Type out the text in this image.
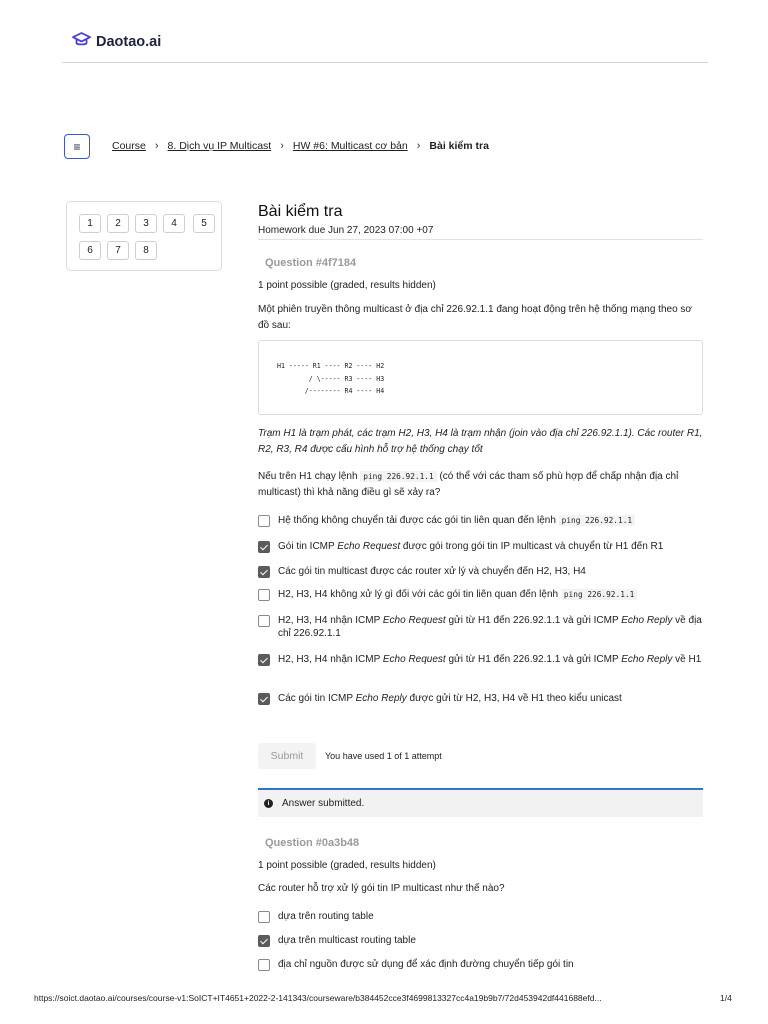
Daotao.ai
≡	Course › 8. Dịch vụ IP Multicast › HW #6: Multicast cơ bản › Bài kiểm tra
1	2	3	4	5
6	7	8
Bài kiểm tra
Homework due Jun 27, 2023 07:00 +07
Question #4f7184
1 point possible (graded, results hidden)
Một phiên truyền thông multicast ở địa chỉ 226.92.1.1 đang hoạt động trên hệ thống mạng theo sơ đồ sau:
H1 ----- R1 ---- R2 ---- H2
/ \----- R3 ---- H3
/-------- R4 ---- H4
Trạm H1 là trạm phát, các trạm H2, H3, H4 là trạm nhận (join vào địa chỉ 226.92.1.1). Các router R1, R2, R3, R4 được cấu hình hỗ trợ hệ thống chạy tốt
Nếu trên H1 chạy lệnh ping 226.92.1.1 (có thể với các tham số phù hợp để chấp nhận địa chỉ multicast) thì khả năng điều gì sẽ xảy ra?
Hệ thống không chuyển tải được các gói tin liên quan đến lệnh ping 226.92.1.1
Gói tin ICMP Echo Request được gói trong gói tin IP multicast và chuyển từ H1 đến R1
Các gói tin multicast được các router xử lý và chuyển đến H2, H3, H4
H2, H3, H4 không xử lý gì đối với các gói tin liên quan đến lệnh ping 226.92.1.1
H2, H3, H4 nhận ICMP Echo Request gửi từ H1 đến 226.92.1.1 và gửi ICMP Echo Reply về địa chỉ 226.92.1.1
H2, H3, H4 nhận ICMP Echo Request gửi từ H1 đến 226.92.1.1 và gửi ICMP Echo Reply về H1
Các gói tin ICMP Echo Reply được gửi từ H2, H3, H4 về H1 theo kiểu unicast
Submit	You have used 1 of 1 attempt
i	Answer submitted.
Question #0a3b48
1 point possible (graded, results hidden)
Các router hỗ trợ xử lý gói tin IP multicast như thế nào?
dựa trên routing table
dựa trên multicast routing table
địa chỉ nguồn được sử dụng để xác định đường chuyển tiếp gói tin
https://soict.daotao.ai/courses/course-v1:SoICT+IT4651+2022-2-141343/courseware/b384452cce3f4699813327cc4a19b9b7/72d453942df441688efd...	1/4
